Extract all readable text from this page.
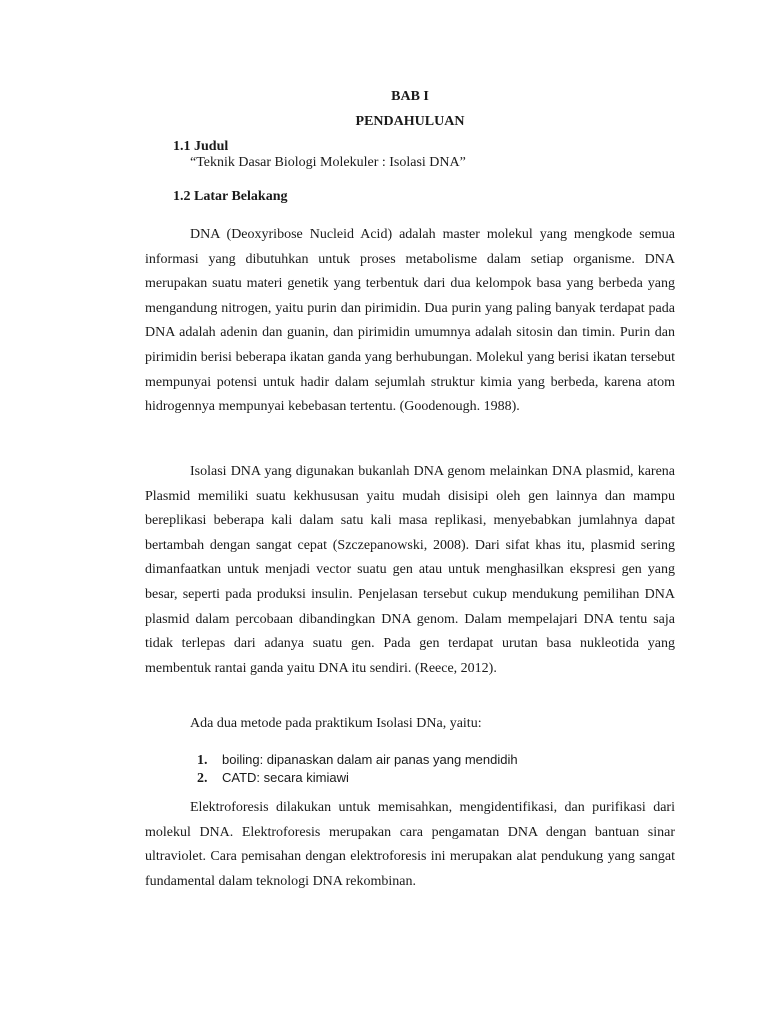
BAB I
PENDAHULUAN
1.1 Judul
“Teknik Dasar Biologi Molekuler : Isolasi DNA”
1.2 Latar Belakang

DNA (Deoxyribose Nucleid Acid) adalah master molekul yang mengkode semua informasi yang dibutuhkan untuk proses metabolisme dalam setiap organisme. DNA merupakan suatu materi genetik yang terbentuk dari dua kelompok basa yang berbeda yang mengandung nitrogen, yaitu purin dan pirimidin. Dua purin yang paling banyak terdapat pada DNA adalah adenin dan guanin, dan pirimidin umumnya adalah sitosin dan timin. Purin dan pirimidin berisi beberapa ikatan ganda yang berhubungan. Molekul yang berisi ikatan tersebut mempunyai potensi untuk hadir dalam sejumlah struktur kimia yang berbeda, karena atom hidrogennya mempunyai kebebasan tertentu. (Goodenough. 1988).

Isolasi DNA yang digunakan bukanlah DNA genom melainkan DNA plasmid, karena Plasmid memiliki suatu kekhususan yaitu mudah disisipi oleh gen lainnya dan mampu bereplikasi beberapa kali dalam satu kali masa replikasi, menyebabkan jumlahnya dapat bertambah dengan sangat cepat (Szczepanowski, 2008). Dari sifat khas itu, plasmid sering dimanfaatkan untuk menjadi vector suatu gen atau untuk menghasilkan ekspresi gen yang besar, seperti pada produksi insulin. Penjelasan tersebut cukup mendukung pemilihan DNA plasmid dalam percobaan dibandingkan DNA genom. Dalam mempelajari DNA tentu saja tidak terlepas dari adanya suatu gen. Pada gen terdapat urutan basa nukleotida yang membentuk rantai ganda yaitu DNA itu sendiri. (Reece, 2012).

Ada dua metode pada praktikum Isolasi DNa, yaitu:
1. boiling: dipanaskan dalam air panas yang mendidih
2. CATD: secara kimiawi

Elektroforesis dilakukan untuk memisahkan, mengidentifikasi, dan purifikasi dari molekul DNA. Elektroforesis merupakan cara pengamatan DNA dengan bantuan sinar ultraviolet. Cara pemisahan dengan elektroforesis ini merupakan alat pendukung yang sangat fundamental dalam teknologi DNA rekombinan.
